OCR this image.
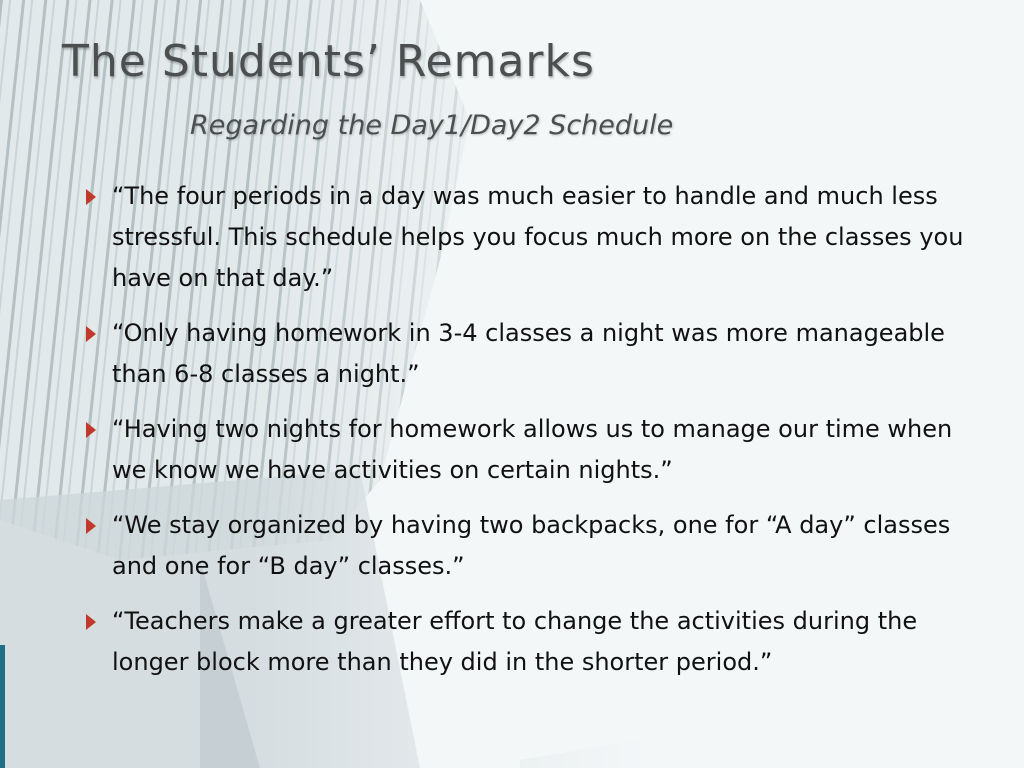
The Students’ Remarks
Regarding the Day1/Day2 Schedule
“The four periods in a day was much easier to handle and much less stressful. This schedule helps you focus much more on the classes you have on that day.”
“Only having homework in 3-4 classes a night was more manageable than 6-8 classes a night.”
“Having two nights for homework allows us to manage our time when we know we have activities on certain nights.”
“We stay organized by having two backpacks, one for “A day” classes and one for “B day” classes.”
“Teachers make a greater effort to change the activities during the longer block more than they did in the shorter period.”
